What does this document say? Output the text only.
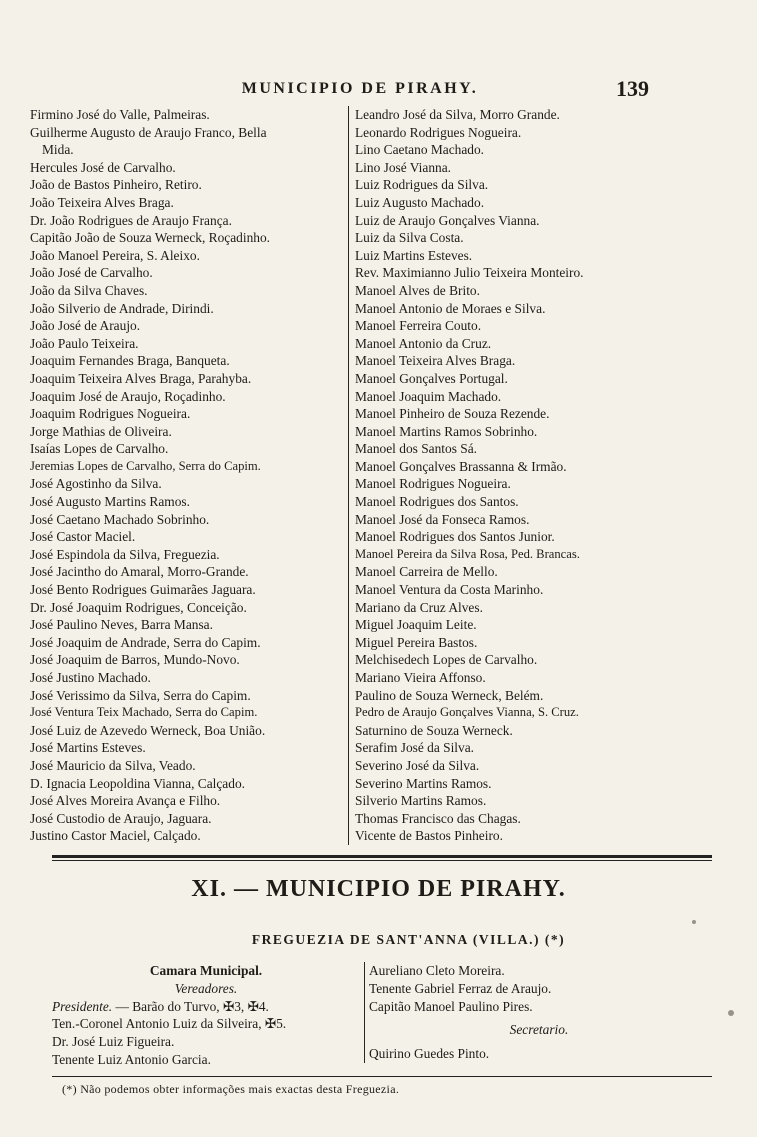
MUNICIPIO DE PIRAHY.	139
Firmino José do Valle, Palmeiras.
Guilherme Augusto de Araujo Franco, Bella
Mida.
Hercules José de Carvalho.
João de Bastos Pinheiro, Retiro.
João Teixeira Alves Braga.
Dr. João Rodrigues de Araujo França.
Capitão João de Souza Werneck, Roçadinho.
João Manoel Pereira, S. Aleixo.
João José de Carvalho.
João da Silva Chaves.
João Silverio de Andrade, Dirindi.
João José de Araujo.
João Paulo Teixeira.
Joaquim Fernandes Braga, Banqueta.
Joaquim Teixeira Alves Braga, Parahyba.
Joaquim José de Araujo, Roçadinho.
Joaquim Rodrigues Nogueira.
Jorge Mathias de Oliveira.
Isaías Lopes de Carvalho.
Jeremias Lopes de Carvalho, Serra do Capim.
José Agostinho da Silva.
José Augusto Martins Ramos.
José Caetano Machado Sobrinho.
José Castor Maciel.
José Espindola da Silva, Freguezia.
José Jacintho do Amaral, Morro-Grande.
José Bento Rodrigues Guimarães Jaguara.
Dr. José Joaquim Rodrigues, Conceição.
José Paulino Neves, Barra Mansa.
José Joaquim de Andrade, Serra do Capim.
José Joaquim de Barros, Mundo-Novo.
José Justino Machado.
José Verissimo da Silva, Serra do Capim.
José Ventura Teix Machado, Serra do Capim.
José Luiz de Azevedo Werneck, Boa União.
José Martins Esteves.
José Mauricio da Silva, Veado.
D. Ignacia Leopoldina Vianna, Calçado.
José Alves Moreira Avança e Filho.
José Custodio de Araujo, Jaguara.
Justino Castor Maciel, Calçado.
Leandro José da Silva, Morro Grande.
Leonardo Rodrigues Nogueira.
Lino Caetano Machado.
Lino José Vianna.
Luiz Rodrigues da Silva.
Luiz Augusto Machado.
Luiz de Araujo Gonçalves Vianna.
Luiz da Silva Costa.
Luiz Martins Esteves.
Rev. Maximianno Julio Teixeira Monteiro.
Manoel Alves de Brito.
Manoel Antonio de Moraes e Silva.
Manoel Ferreira Couto.
Manoel Antonio da Cruz.
Manoel Teixeira Alves Braga.
Manoel Gonçalves Portugal.
Manoel Joaquim Machado.
Manoel Pinheiro de Souza Rezende.
Manoel Martins Ramos Sobrinho.
Manoel dos Santos Sá.
Manoel Gonçalves Brassanna & Irmão.
Manoel Rodrigues Nogueira.
Manoel Rodrigues dos Santos.
Manoel José da Fonseca Ramos.
Manoel Rodrigues dos Santos Junior.
Manoel Pereira da Silva Rosa, Ped. Brancas.
Manoel Carreira de Mello.
Manoel Ventura da Costa Marinho.
Mariano da Cruz Alves.
Miguel Joaquim Leite.
Miguel Pereira Bastos.
Melchisedech Lopes de Carvalho.
Mariano Vieira Affonso.
Paulino de Souza Werneck, Belém.
Pedro de Araujo Gonçalves Vianna, S. Cruz.
Saturnino de Souza Werneck.
Serafim José da Silva.
Severino José da Silva.
Severino Martins Ramos.
Silverio Martins Ramos.
Thomas Francisco das Chagas.
Vicente de Bastos Pinheiro.
XI. — MUNICIPIO DE PIRAHY.
FREGUEZIA DE SANT'ANNA (VILLA.) (*)
Camara Municipal.
Vereadores.
Presidente. — Barão do Turvo, ✠3, ✠4.
Ten.-Coronel Antonio Luiz da Silveira, ✠5.
Dr. José Luiz Figueira.
Tenente Luiz Antonio Garcia.
Aureliano Cleto Moreira.
Tenente Gabriel Ferraz de Araujo.
Capitão Manoel Paulino Pires.
Secretario.
Quirino Guedes Pinto.
(*) Não podemos obter informações mais exactas desta Freguezia.
